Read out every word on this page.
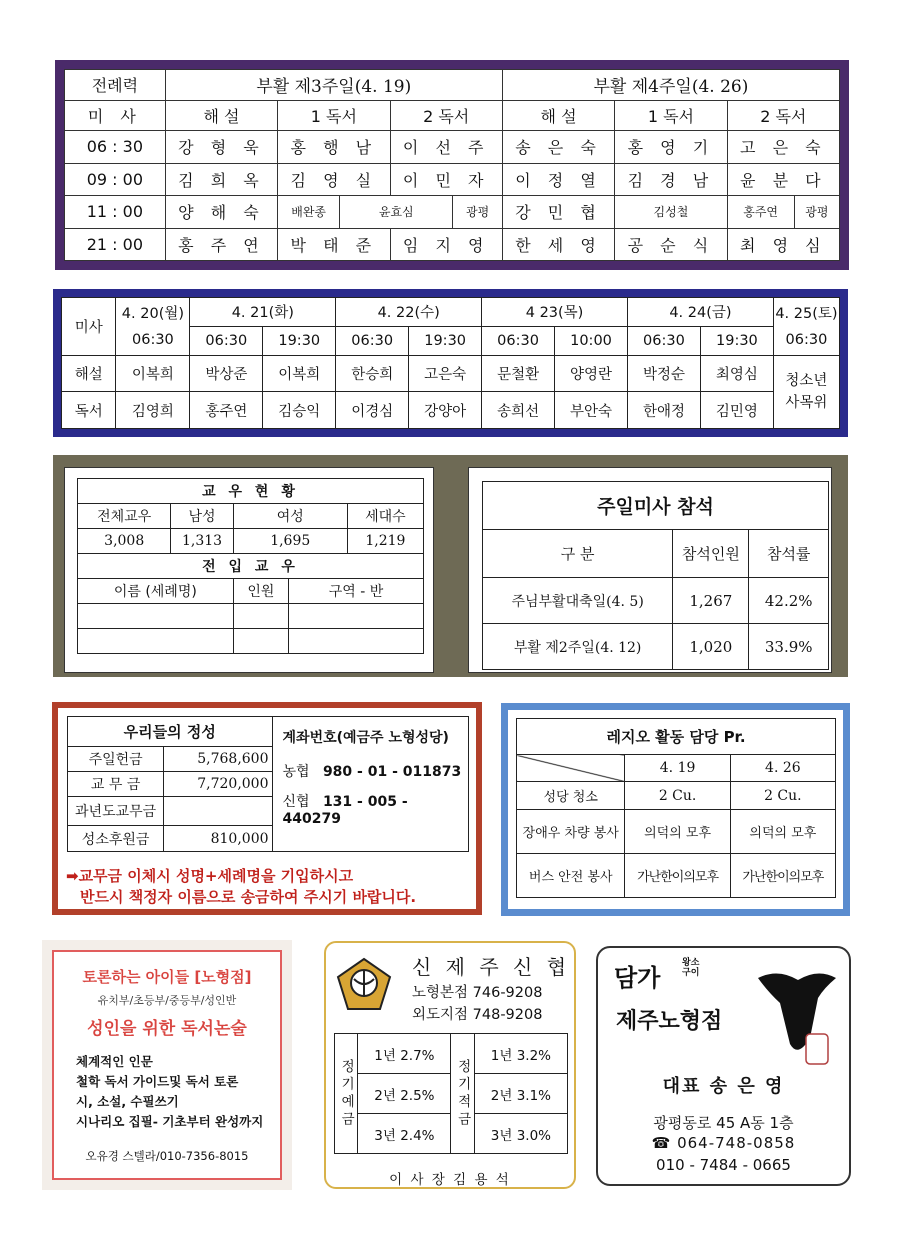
전례력	부활 제3주일(4. 19)					부활 제4주일(4. 26)			
미 사	해 설	1 독서		2 독서		해 설	1 독서	2 독서	
06 : 30	강 형 욱	홍 행 남		이 선 주		송 은 숙	홍 영 기	고 은 숙	
09 : 00	김 희 옥	김 영 실		이 민 자		이 정 열	김 경 남	윤 분 다	
11 : 00	양 해 숙	배완종	윤효심		광평	강 민 협	김성철	홍주연	광평
21 : 00	홍 주 연	박 태 준		임 지 영		한 세 영	공 순 식	최 영 심	
미사	4. 20(월)	4. 21(화)		4. 22(수)		4 23(목)		4. 24(금)		4. 25(토)
	06:30	06:30	19:30	06:30	19:30	06:30	10:00	06:30	19:30	06:30
해설	이복희	박상준	이복희	한승희	고은숙	문철환	양영란	박정순	최영심	청소년 사목위
독서	김영희	홍주연	김승익	이경심	강양아	송희선	부안숙	한애정	김민영	
교 우 현 황				
전체교우	남성	여성		세대수
3,008	1,313	1,695		1,219
전 입 교 우				
이름 (세례명)		인원	구역 - 반	

주일미사 참석		
구 분	참석인원	참석률
주님부활대축일(4. 5)	1,267	42.2%
부활 제2주일(4. 12)	1,020	33.9%
우리들의 정성		계좌번호(예금주 노형성당)
농협 980 - 01 - 011873
신협 131 - 005 - 440279

주일헌금	5,768,600	
교 무 금	7,720,000	
과년도교무금		
성소후원금	810,000	
➡교무금 이체시 성명+세례명을 기입하시고
반드시 책정자 이름으로 송금하여 주시기 바랍니다.
레지오 활동 담당 Pr.		
	4. 19	4. 26

성당 청소	2 Cu.	2 Cu.
장애우 차량 봉사	의덕의 모후	의덕의 모후
버스 안전 봉사	가난한이의모후	가난한이의모후
토론하는 아이들 [노형점]
유치부/초등부/중등부/성인반
성인을 위한 독서논술
체계적인 인문
철학 독서 가이드및 독서 토론
시, 소설, 수필쓰기
시나리오 집필- 기초부터 완성까지
오유경 스텔라/010-7356-8015
신 제 주 신 협
노형본점 746-9208
외도지점 748-9208
정기예금	1년 2.7%	정기적금	1년 3.2%
	2년 2.5%		2년 3.1%
	3년 2.4%		3년 3.0%
이 사 장 김 용 석
담가
왕소구이
제주노형점
대표 송 은 영
광평동로 45 A동 1층
☎ 064-748-0858
010 - 7484 - 0665
